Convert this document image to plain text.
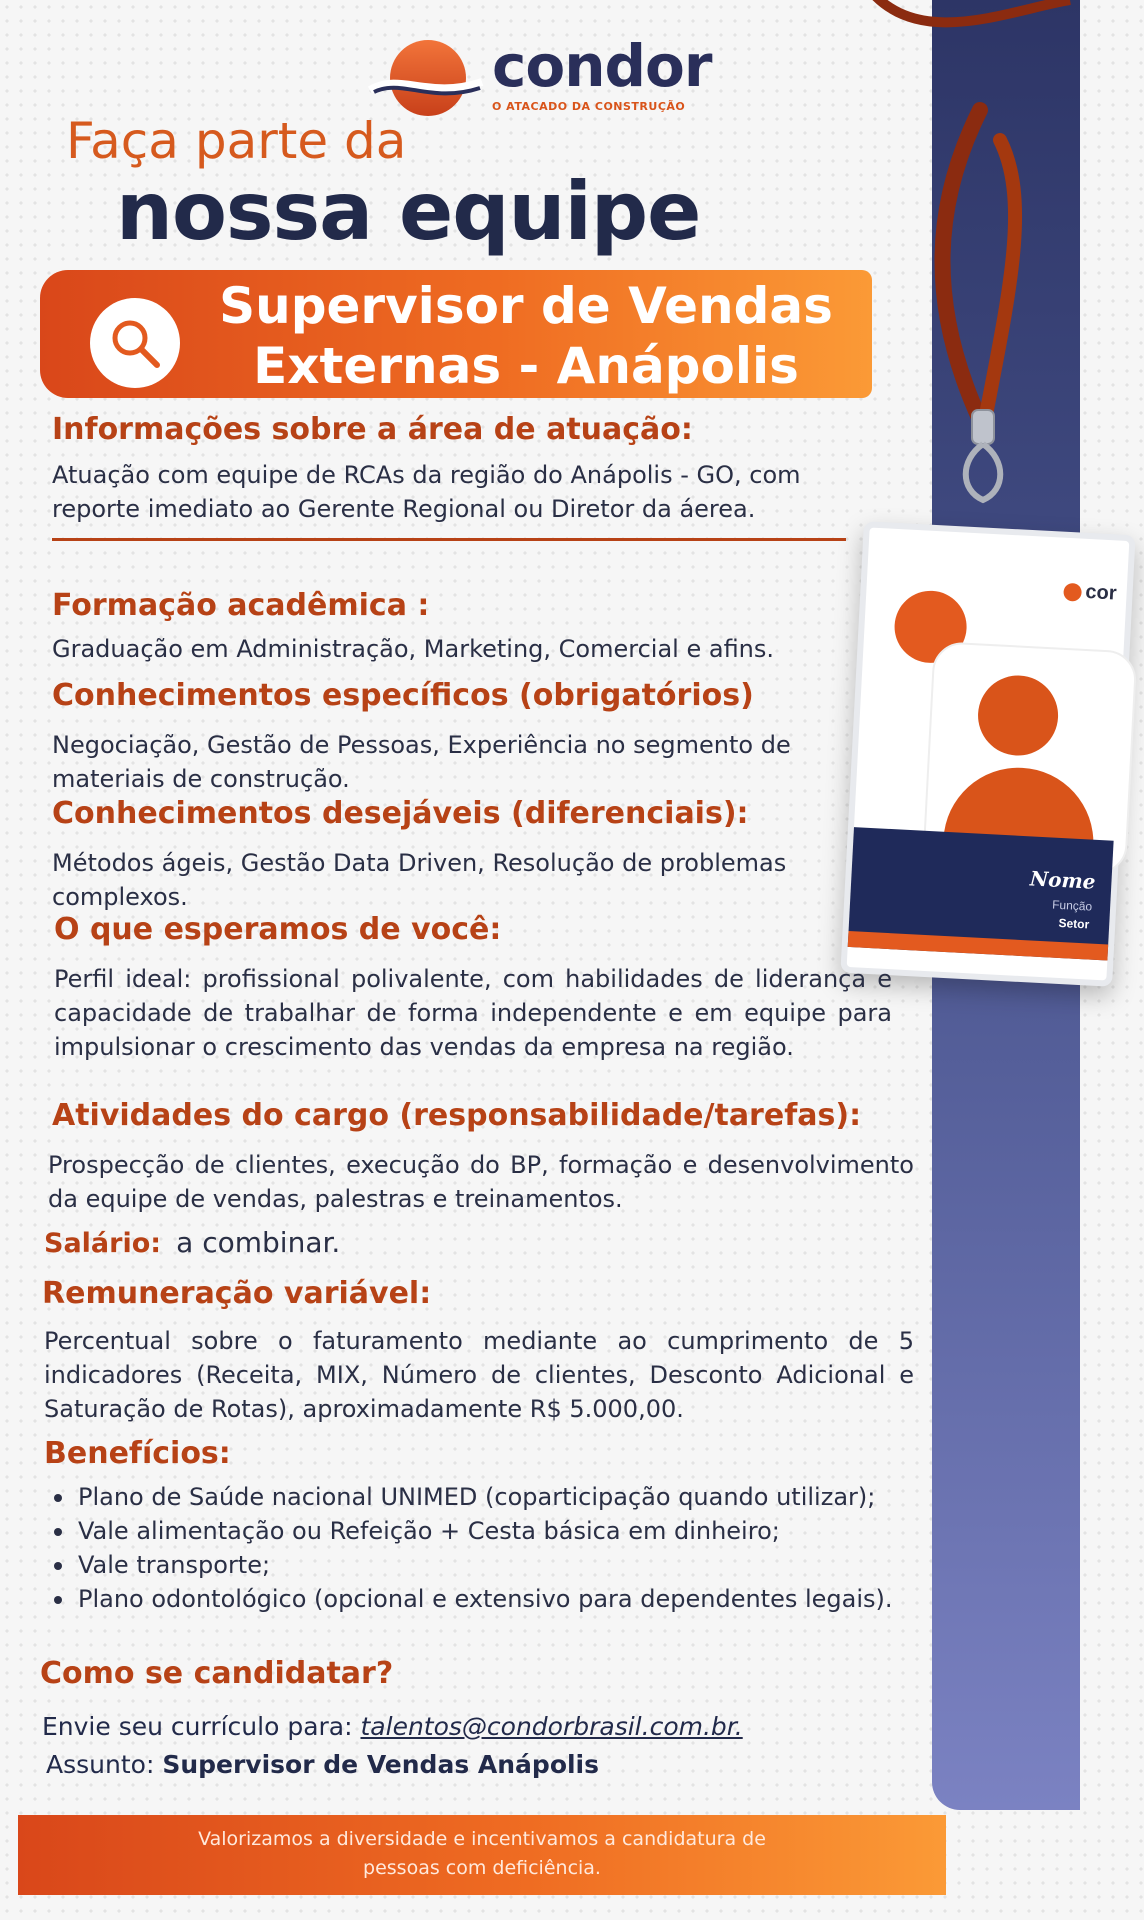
cor
Nome
Função
Setor
condor
O ATACADO DA CONSTRUÇÃO
Faça parte da
nossa equipe
Supervisor de Vendas
Externas - Anápolis
Informações sobre a área de atuação:
Atuação com equipe de RCAs da região do Anápolis - GO, com reporte imediato ao Gerente Regional ou Diretor da áerea.
Formação acadêmica :
Graduação em Administração, Marketing, Comercial e afins.
Conhecimentos específicos (obrigatórios)
Negociação, Gestão de Pessoas, Experiência no segmento de materiais de construção.
Conhecimentos desejáveis (diferenciais):
Métodos ágeis, Gestão Data Driven, Resolução de problemas complexos.
O que esperamos de você:
Perfil ideal: profissional polivalente, com habilidades de liderança e capacidade de trabalhar de forma independente e em equipe para impulsionar o crescimento das vendas da empresa na região.
Atividades do cargo (responsabilidade/tarefas):
Prospecção de clientes, execução do BP, formação e desenvolvimento da equipe de vendas, palestras e treinamentos.
Salário: a combinar.
Remuneração variável:
Percentual sobre o faturamento mediante ao cumprimento de 5 indicadores (Receita, MIX, Número de clientes, Desconto Adicional e Saturação de Rotas), aproximadamente R$ 5.000,00.
Benefícios:
Plano de Saúde nacional UNIMED (coparticipação quando utilizar);
Vale alimentação ou Refeição + Cesta básica em dinheiro;
Vale transporte;
Plano odontológico (opcional e extensivo para dependentes legais).
Como se candidatar?
Envie seu currículo para: talentos@condorbrasil.com.br.
Assunto: Supervisor de Vendas Anápolis
Valorizamos a diversidade e incentivamos a candidatura de
pessoas com deficiência.
